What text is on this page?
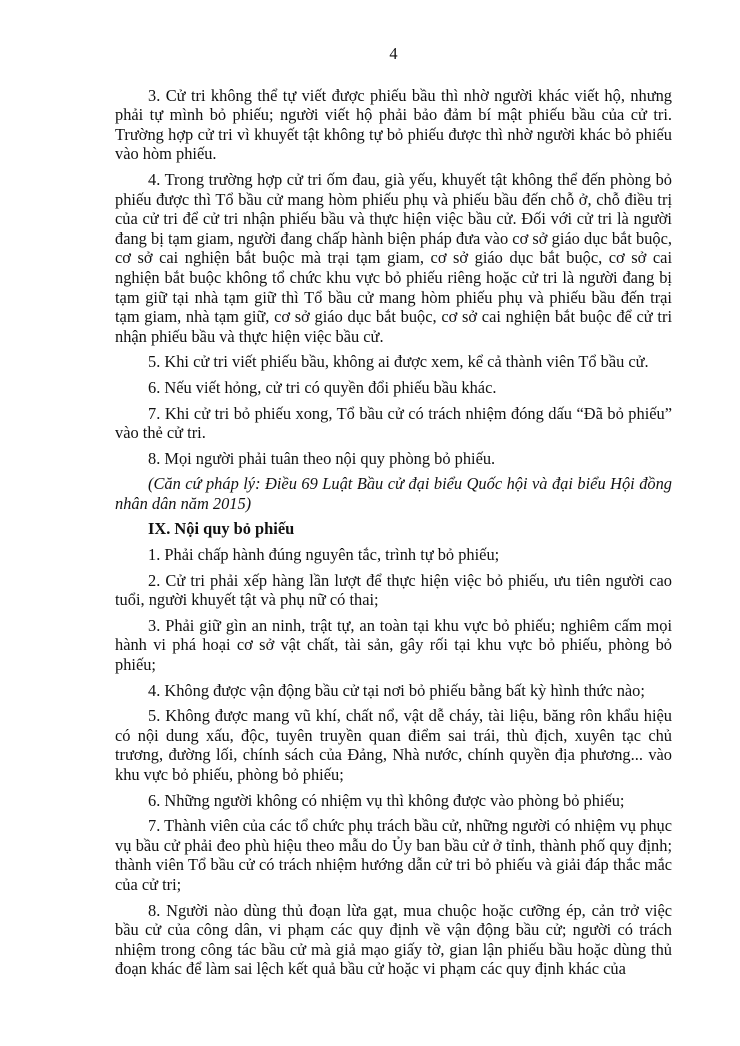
4

3. Cử tri không thể tự viết được phiếu bầu thì nhờ người khác viết hộ, nhưng phải tự mình bỏ phiếu; người viết hộ phải bảo đảm bí mật phiếu bầu của cử tri. Trường hợp cử tri vì khuyết tật không tự bỏ phiếu được thì nhờ người khác bỏ phiếu vào hòm phiếu.

4. Trong trường hợp cử tri ốm đau, già yếu, khuyết tật không thể đến phòng bỏ phiếu được thì Tổ bầu cử mang hòm phiếu phụ và phiếu bầu đến chỗ ở, chỗ điều trị của cử tri để cử tri nhận phiếu bầu và thực hiện việc bầu cử. Đối với cử tri là người đang bị tạm giam, người đang chấp hành biện pháp đưa vào cơ sở giáo dục bắt buộc, cơ sở cai nghiện bắt buộc mà trại tạm giam, cơ sở giáo dục bắt buộc, cơ sở cai nghiện bắt buộc không tổ chức khu vực bỏ phiếu riêng hoặc cử tri là người đang bị tạm giữ tại nhà tạm giữ thì Tổ bầu cử mang hòm phiếu phụ và phiếu bầu đến trại tạm giam, nhà tạm giữ, cơ sở giáo dục bắt buộc, cơ sở cai nghiện bắt buộc để cử tri nhận phiếu bầu và thực hiện việc bầu cử.

5. Khi cử tri viết phiếu bầu, không ai được xem, kể cả thành viên Tổ bầu cử.

6. Nếu viết hỏng, cử tri có quyền đổi phiếu bầu khác.

7. Khi cử tri bỏ phiếu xong, Tổ bầu cử có trách nhiệm đóng dấu “Đã bỏ phiếu” vào thẻ cử tri.

8. Mọi người phải tuân theo nội quy phòng bỏ phiếu.

(Căn cứ pháp lý: Điều 69 Luật Bầu cử đại biểu Quốc hội và đại biểu Hội đồng nhân dân năm 2015)

IX. Nội quy bỏ phiếu

1. Phải chấp hành đúng nguyên tắc, trình tự bỏ phiếu;

2. Cử tri phải xếp hàng lần lượt để thực hiện việc bỏ phiếu, ưu tiên người cao tuổi, người khuyết tật và phụ nữ có thai;

3. Phải giữ gìn an ninh, trật tự, an toàn tại khu vực bỏ phiếu; nghiêm cấm mọi hành vi phá hoại cơ sở vật chất, tài sản, gây rối tại khu vực bỏ phiếu, phòng bỏ phiếu;

4. Không được vận động bầu cử tại nơi bỏ phiếu bằng bất kỳ hình thức nào;

5. Không được mang vũ khí, chất nổ, vật dễ cháy, tài liệu, băng rôn khẩu hiệu có nội dung xấu, độc, tuyên truyền quan điểm sai trái, thù địch, xuyên tạc chủ trương, đường lối, chính sách của Đảng, Nhà nước, chính quyền địa phương... vào khu vực bỏ phiếu, phòng bỏ phiếu;

6. Những người không có nhiệm vụ thì không được vào phòng bỏ phiếu;

7. Thành viên của các tổ chức phụ trách bầu cử, những người có nhiệm vụ phục vụ bầu cử phải đeo phù hiệu theo mẫu do Ủy ban bầu cử ở tỉnh, thành phố quy định; thành viên Tổ bầu cử có trách nhiệm hướng dẫn cử tri bỏ phiếu và giải đáp thắc mắc của cử tri;

8. Người nào dùng thủ đoạn lừa gạt, mua chuộc hoặc cưỡng ép, cản trở việc bầu cử của công dân, vi phạm các quy định về vận động bầu cử; người có trách nhiệm trong công tác bầu cử mà giả mạo giấy tờ, gian lận phiếu bầu hoặc dùng thủ đoạn khác để làm sai lệch kết quả bầu cử hoặc vi phạm các quy định khác của
